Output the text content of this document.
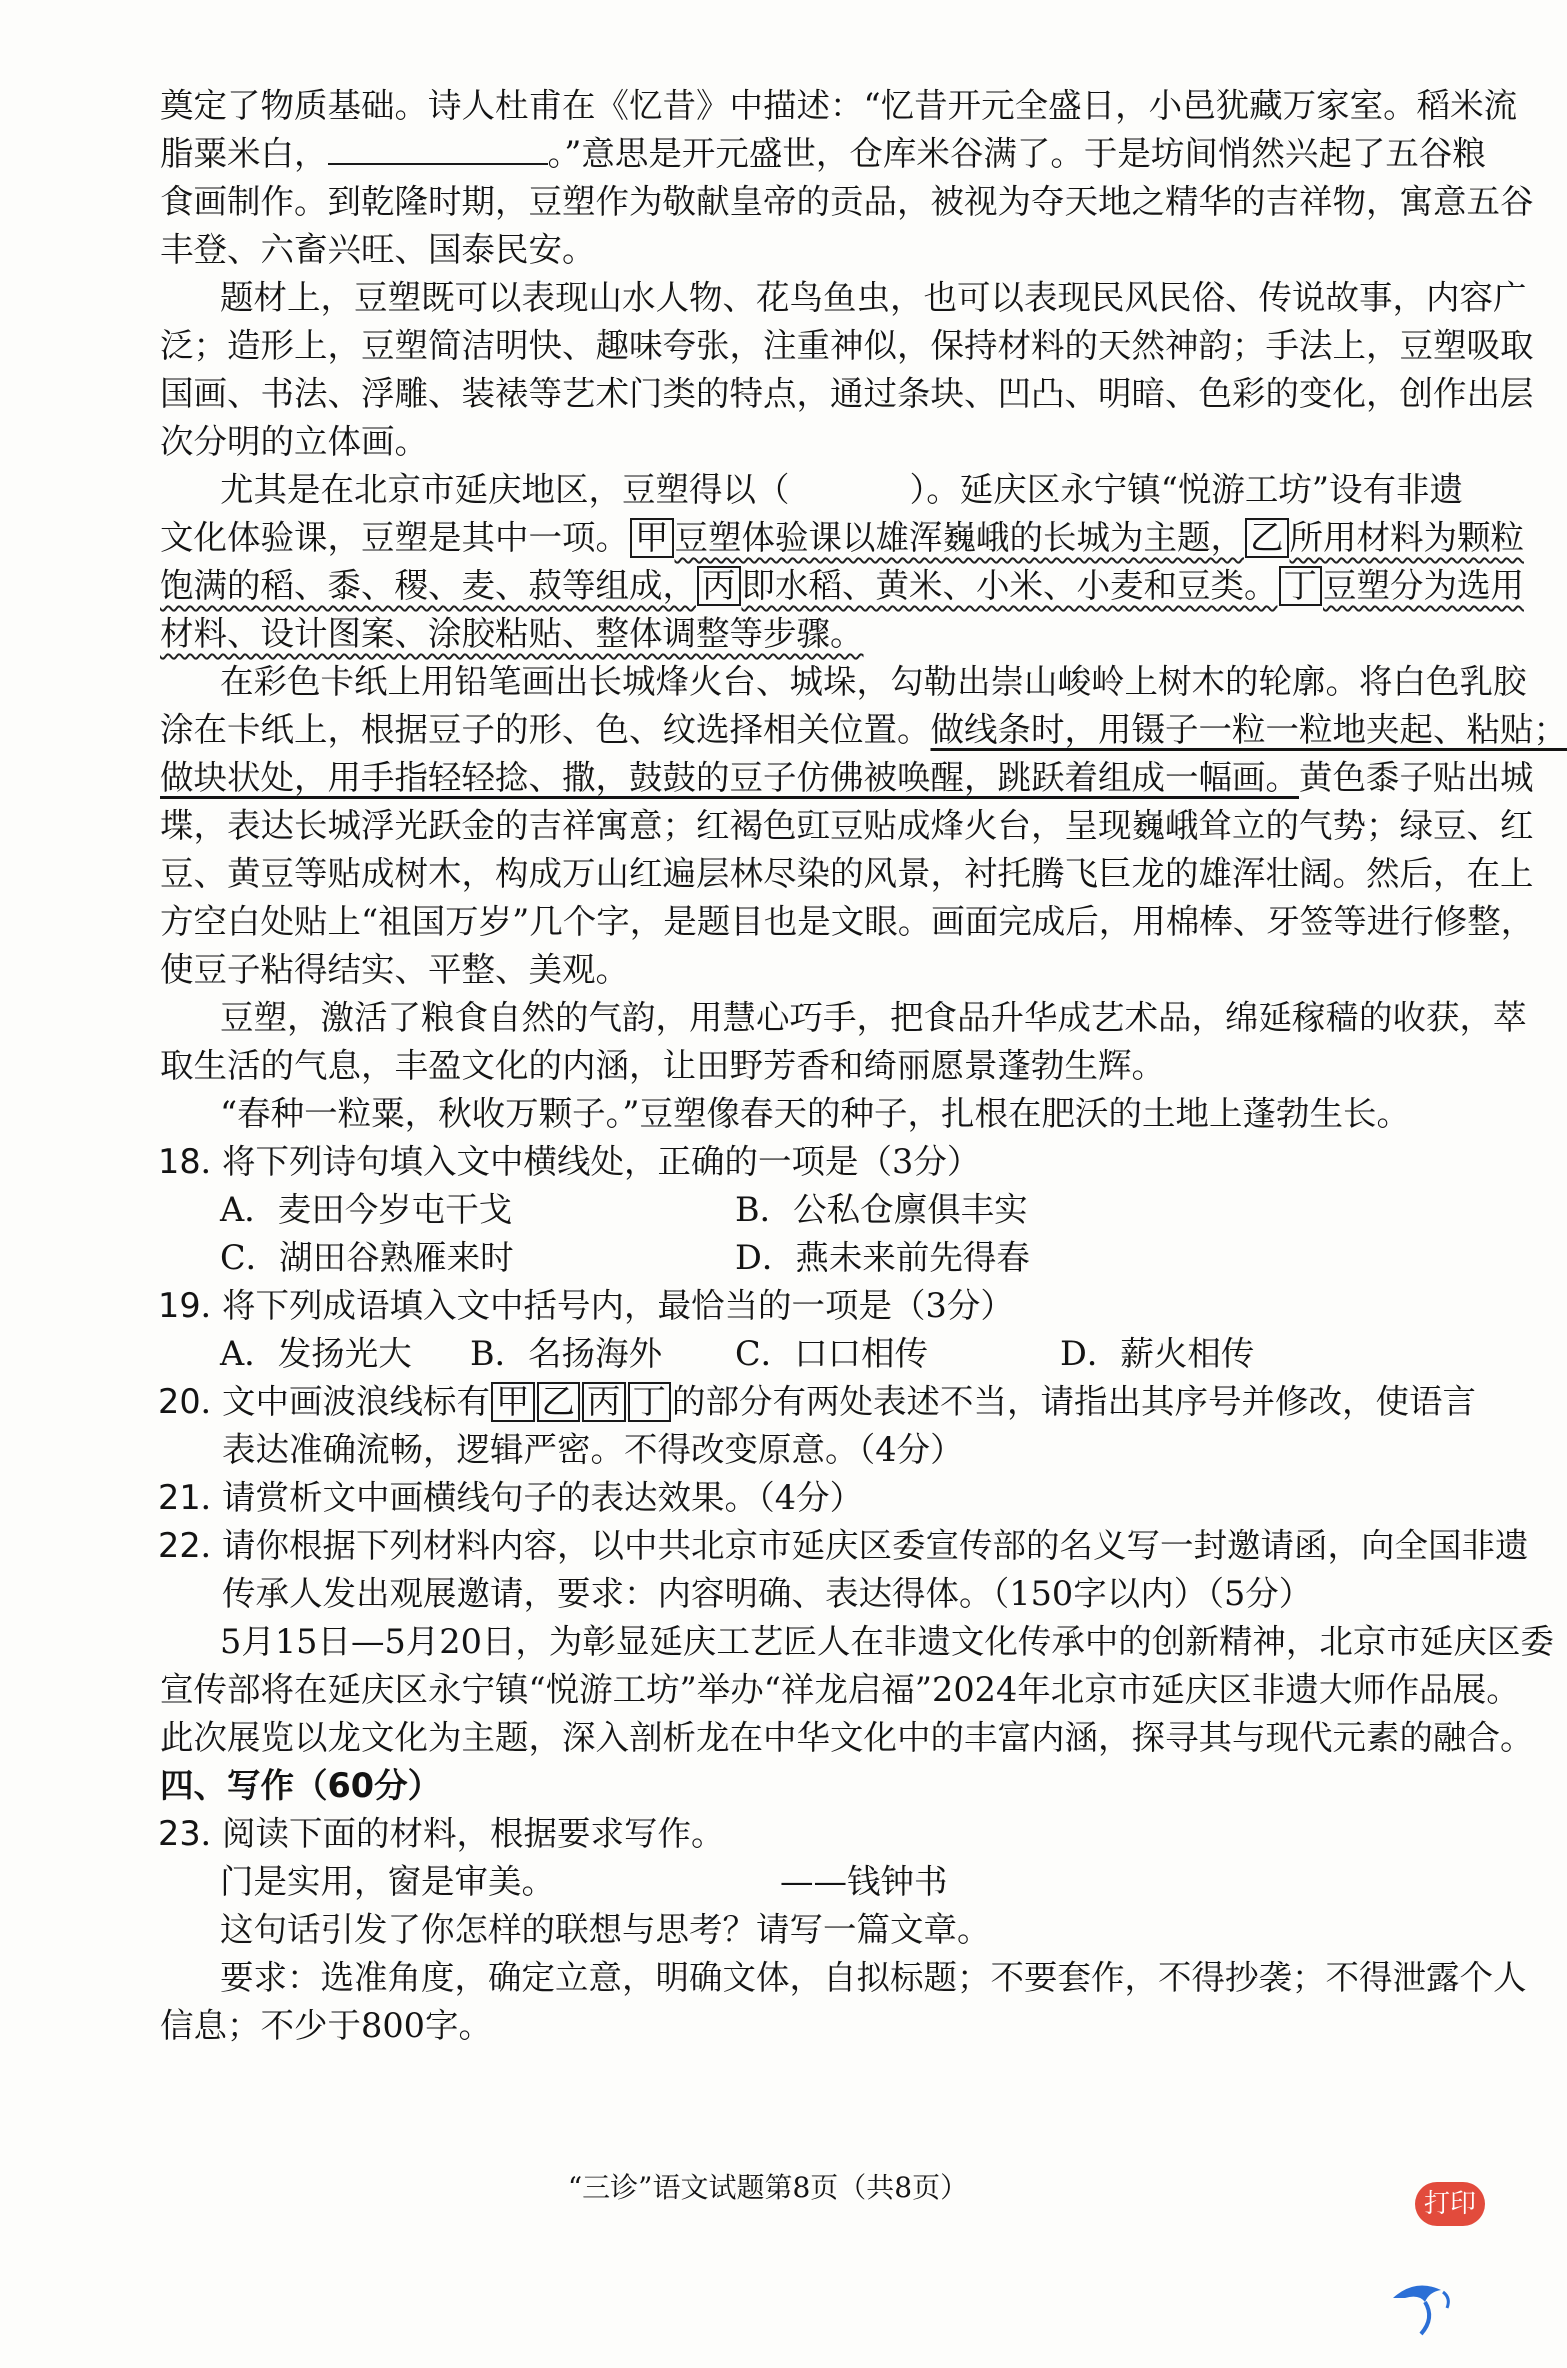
奠定了物质基础。诗人杜甫在《忆昔》中描述：“忆昔开元全盛日，小邑犹藏万家室。稻米流
脂粟米白，	。”意思是开元盛世，仓库米谷满了。于是坊间悄然兴起了五谷粮
食画制作。到乾隆时期，豆塑作为敬献皇帝的贡品，被视为夺天地之精华的吉祥物，寓意五谷
丰登、六畜兴旺、国泰民安。
题材上，豆塑既可以表现山水人物、花鸟鱼虫，也可以表现民风民俗、传说故事，内容广
泛；造形上，豆塑简洁明快、趣味夸张，注重神似，保持材料的天然神韵；手法上，豆塑吸取
国画、书法、浮雕、装裱等艺术门类的特点，通过条块、凹凸、明暗、色彩的变化，创作出层
次分明的立体画。
尤其是在北京市延庆地区，豆塑得以（	）。延庆区永宁镇“悦游工坊”设有非遗
文化体验课，豆塑是其中一项。 甲 豆塑体验课以雄浑巍峨的长城为主题， 乙 所用材料为颗粒
饱满的稻、黍、稷、麦、菽等组成， 丙 即水稻、黄米、小米、小麦和豆类。 丁 豆塑分为选用
材料、设计图案、涂胶粘贴、整体调整等步骤。
在彩色卡纸上用铅笔画出长城烽火台、城垛，勾勒出崇山峻岭上树木的轮廓。将白色乳胶
涂在卡纸上，根据豆子的形、色、纹选择相关位置。做线条时，用镊子一粒一粒地夹起、粘贴；
做块状处，用手指轻轻捻、撒，鼓鼓的豆子仿佛被唤醒，跳跃着组成一幅画。黄色黍子贴出城
堞，表达长城浮光跃金的吉祥寓意；红褐色豇豆贴成烽火台，呈现巍峨耸立的气势；绿豆、红
豆、黄豆等贴成树木，构成万山红遍层林尽染的风景，衬托腾飞巨龙的雄浑壮阔。然后，在上
方空白处贴上“祖国万岁”几个字，是题目也是文眼。画面完成后，用棉棒、牙签等进行修整，
使豆子粘得结实、平整、美观。
豆塑，激活了粮食自然的气韵，用慧心巧手，把食品升华成艺术品，绵延稼穑的收获，萃
取生活的气息，丰盈文化的内涵，让田野芳香和绮丽愿景蓬勃生辉。
“春种一粒粟，秋收万颗子。”豆塑像春天的种子，扎根在肥沃的土地上蓬勃生长。
18．
将下列诗句填入文中横线处，正确的一项是（3分）
A．麦田今岁屯干戈	B．公私仓廪俱丰实
C．湖田谷熟雁来时	D．燕未来前先得春
19．
将下列成语填入文中括号内，最恰当的一项是（3分）
A．发扬光大 B．名扬海外 C．口口相传	D．薪火相传
20．
文中画波浪线标有 甲 乙 丙 丁 的部分有两处表述不当，请指出其序号并修改，使语言
表达准确流畅，逻辑严密。不得改变原意。（4分）
21．
请赏析文中画横线句子的表达效果。（4分）
22．
请你根据下列材料内容，以中共北京市延庆区委宣传部的名义写一封邀请函，向全国非遗
传承人发出观展邀请，要求：内容明确、表达得体。（150字以内）（5分）
5月15日—5月20日，为彰显延庆工艺匠人在非遗文化传承中的创新精神，北京市延庆区委
宣传部将在延庆区永宁镇“悦游工坊”举办“祥龙启福”2024年北京市延庆区非遗大师作品展。
此次展览以龙文化为主题，深入剖析龙在中华文化中的丰富内涵，探寻其与现代元素的融合。
四、写作（60分）
23．
阅读下面的材料，根据要求写作。
门是实用，窗是审美。	——钱钟书
这句话引发了你怎样的联想与思考？请写一篇文章。
要求：选准角度，确定立意，明确文体，自拟标题；不要套作，不得抄袭；不得泄露个人
信息；不少于800字。
“三诊”语文试题第8页（共8页）	打印
